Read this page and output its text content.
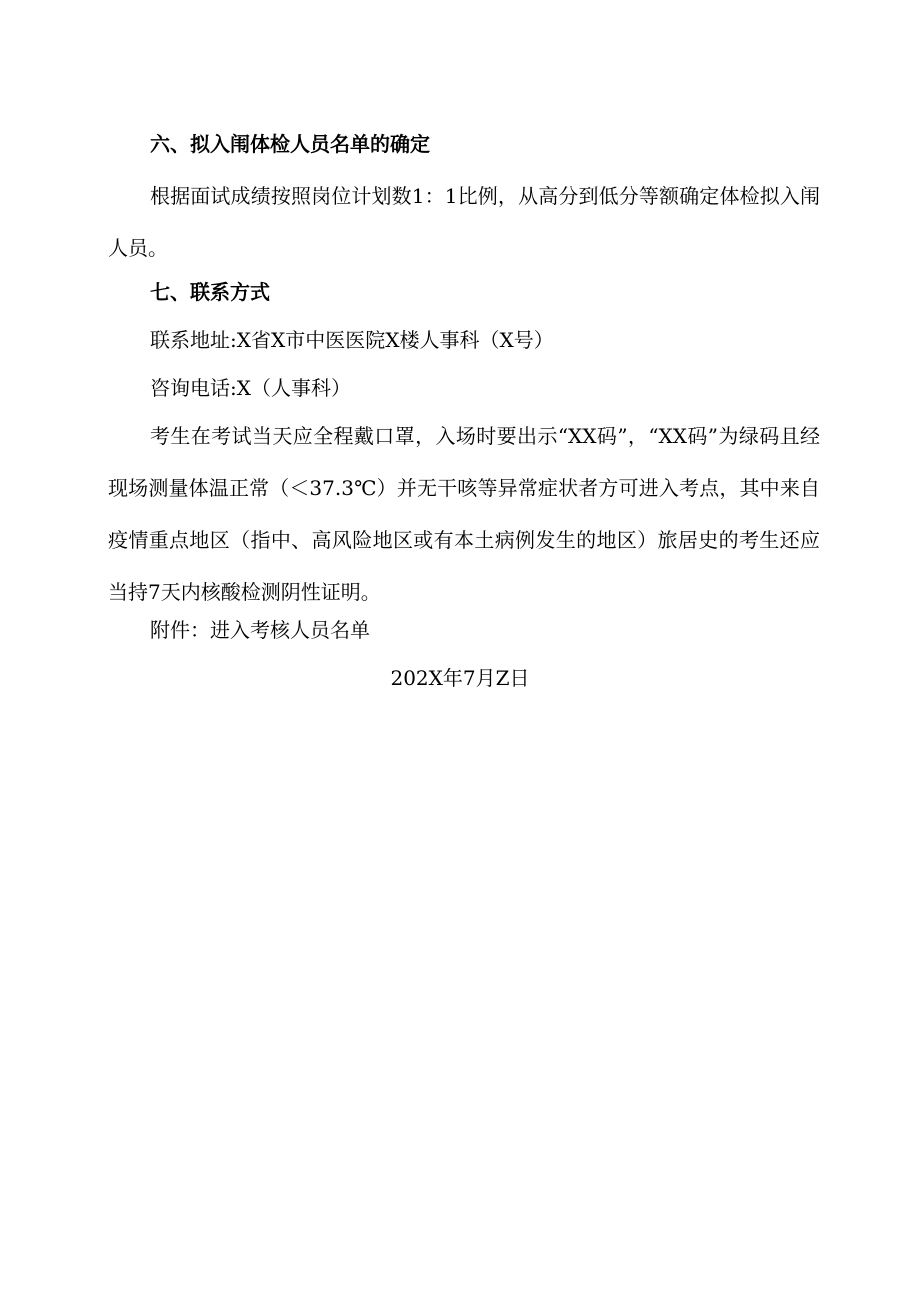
六、拟入闱体检人员名单的确定

根据面试成绩按照岗位计划数1：1比例，从高分到低分等额确定体检拟入闱人员。

七、联系方式

联系地址:X省X市中医医院X楼人事科（X号）

咨询电话:X（人事科）

考生在考试当天应全程戴口罩，入场时要出示“XX码”，“XX码”为绿码且经现场测量体温正常（＜37.3℃）并无干咳等异常症状者方可进入考点，其中来自疫情重点地区（指中、高风险地区或有本土病例发生的地区）旅居史的考生还应当持7天内核酸检测阴性证明。

附件：进入考核人员名单

202X年7月Z日
